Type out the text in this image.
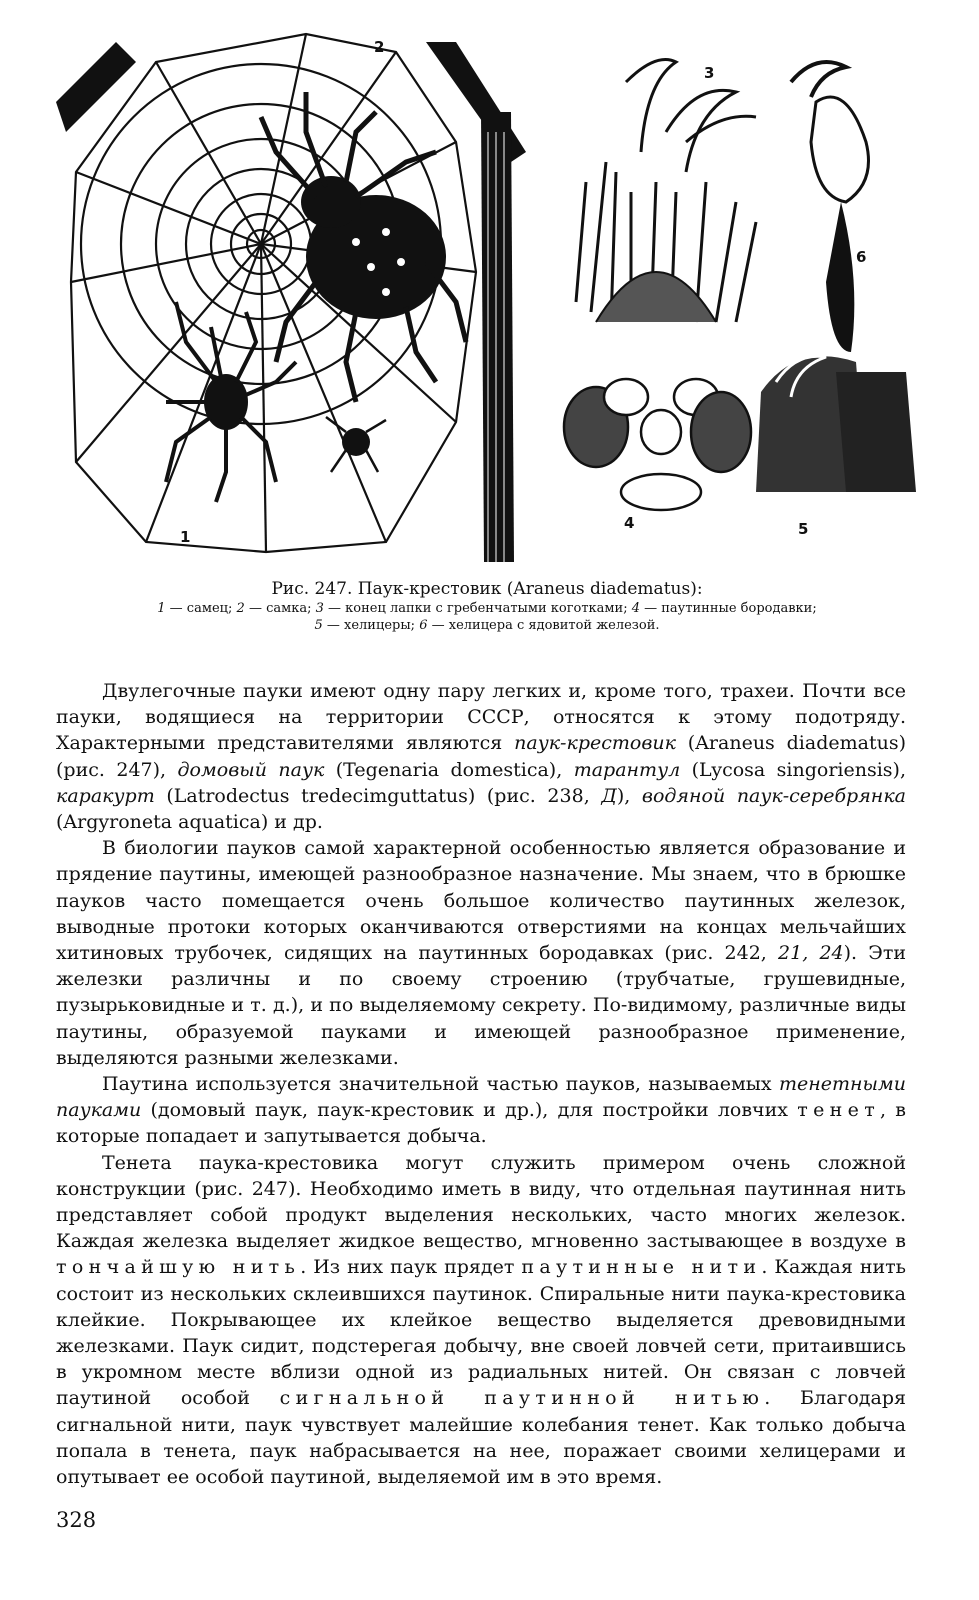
1
2
3
4	5
6
Рис. 247. Паук-крестовик (Araneus diadematus):
1 — самец; 2 — самка; 3 — конец лапки с гребенчатыми коготками; 4 — паутинные бородавки;
5 — хелицеры; 6 — хелицера с ядовитой железой.

Двулегочные пауки имеют одну пару легких и, кроме того, трахеи. Почти все пауки, водящиеся на территории СССР, относятся к этому подотряду. Характерными представителями являются паук-крестовик (Araneus diadematus) (рис. 247), домовый паук (Tegenaria domestica), тарантул (Lycosa singoriensis), каракурт (Latrodectus tredecimguttatus) (рис. 238, Д), водяной паук-серебрянка (Argyroneta aquatica) и др.

В биологии пауков самой характерной особенностью является образование и прядение паутины, имеющей разнообразное назначение. Мы знаем, что в брюшке пауков часто помещается очень большое количество паутинных железок, выводные протоки которых оканчиваются отверстиями на концах мельчайших хитиновых трубочек, сидящих на паутинных бородавках (рис. 242, 21, 24). Эти железки различны и по своему строению (трубчатые, грушевидные, пузырьковидные и т. д.), и по выделяемому секрету. По-видимому, различные виды паутины, образуемой пауками и имеющей разнообразное применение, выделяются разными железками.

Паутина используется значительной частью пауков, называемых тенетными пауками (домовый паук, паук-крестовик и др.), для постройки ловчих тенет, в которые попадает и запутывается добыча.

Тенета паука-крестовика могут служить примером очень сложной конструкции (рис. 247). Необходимо иметь в виду, что отдельная паутинная нить представляет собой продукт выделения нескольких, часто многих железок. Каждая железка выделяет жидкое вещество, мгновенно застывающее в воздухе в тончайшую нить. Из них паук прядет паутинные нити. Каждая нить состоит из нескольких склеившихся паутинок. Спиральные нити паука-крестовика клейкие. Покрывающее их клейкое вещество выделяется древовидными железками. Паук сидит, подстерегая добычу, вне своей ловчей сети, притаившись в укромном месте вблизи одной из радиальных нитей. Он связан с ловчей паутиной особой сигнальной паутинной нитью. Благодаря сигнальной нити, паук чувствует малейшие колебания тенет. Как только добыча попала в тенета, паук набрасывается на нее, поражает своими хелицерами и опутывает ее особой паутиной, выделяемой им в это время.

328
